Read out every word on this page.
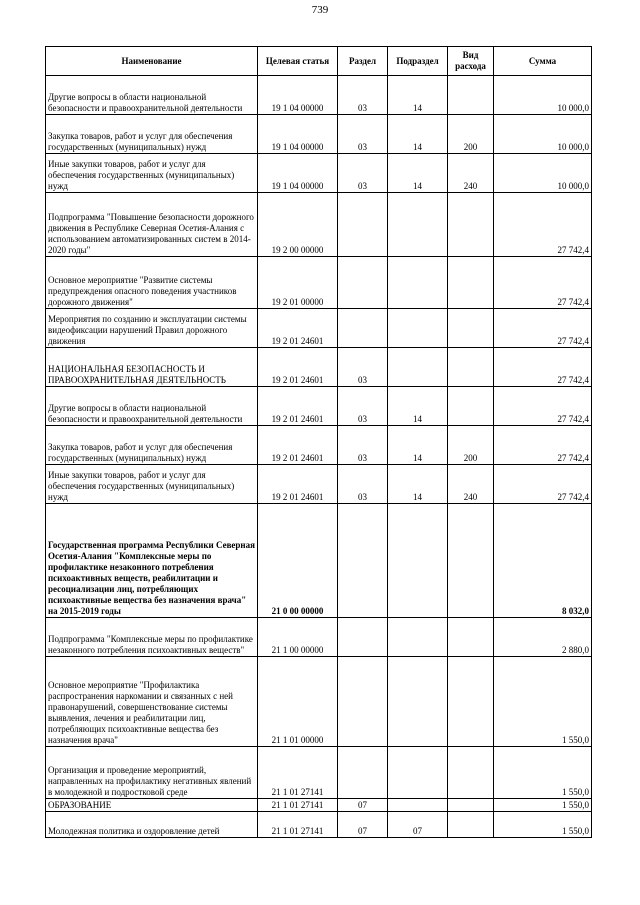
739
Наименование	Целевая статья	Раздел	Подраздел	Вид расхода	Сумма
Другие вопросы в области национальной безопасности и правоохранительной деятельности	19 1 04 00000	03	14		10 000,0
Закупка товаров, работ и услуг для обеспечения государственных (муниципальных) нужд	19 1 04 00000	03	14	200	10 000,0
Иные закупки товаров, работ и услуг для обеспечения государственных (муниципальных) нужд	19 1 04 00000	03	14	240	10 000,0
Подпрограмма "Повышение безопасности дорожного движения в Республике Северная Осетия-Алания с использованием автоматизированных систем в 2014-2020 годы"	19 2 00 00000				27 742,4
Основное мероприятие "Развитие системы предупреждения опасного поведения участников дорожного движения"	19 2 01 00000				27 742,4
Мероприятия по созданию и эксплуатации системы видеофиксации нарушений Правил дорожного движения	19 2 01 24601				27 742,4
НАЦИОНАЛЬНАЯ БЕЗОПАСНОСТЬ И ПРАВООХРАНИТЕЛЬНАЯ ДЕЯТЕЛЬНОСТЬ	19 2 01 24601	03			27 742,4
Другие вопросы в области национальной безопасности и правоохранительной деятельности	19 2 01 24601	03	14		27 742,4
Закупка товаров, работ и услуг для обеспечения государственных (муниципальных) нужд	19 2 01 24601	03	14	200	27 742,4
Иные закупки товаров, работ и услуг для обеспечения государственных (муниципальных) нужд	19 2 01 24601	03	14	240	27 742,4
Государственная программа Республики Северная Осетия-Алания "Комплексные меры по профилактике незаконного потребления психоактивных веществ, реабилитации и ресоциализации лиц, потребляющих психоактивные вещества без назначения врача" на 2015-2019 годы	21 0 00 00000				8 032,0
Подпрограмма "Комплексные меры по профилактике незаконного потребления психоактивных веществ"	21 1 00 00000				2 880,0
Основное мероприятие "Профилактика распространения наркомании и связанных с ней правонарушений, совершенствование системы выявления, лечения и реабилитации лиц, потребляющих психоактивные вещества без назначения врача"	21 1 01 00000				1 550,0
Организация и проведение мероприятий, направленных на профилактику негативных явлений в молодежной и подростковой среде	21 1 01 27141				1 550,0
ОБРАЗОВАНИЕ	21 1 01 27141	07			1 550,0
Молодежная политика и оздоровление детей	21 1 01 27141	07	07		1 550,0
